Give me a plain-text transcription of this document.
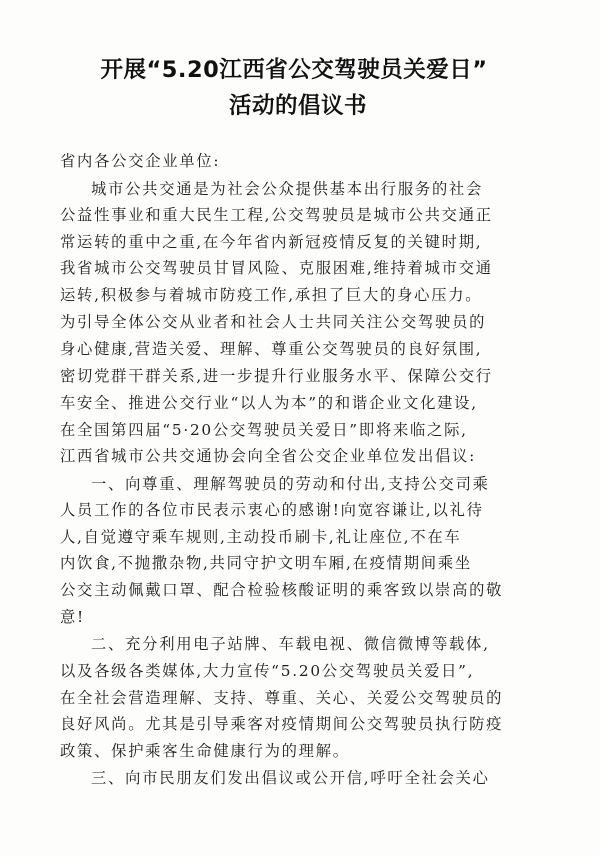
开展“5.20江西省公交驾驶员关爱日”
活动的倡议书
省内各公交企业单位:
城市公共交通是为社会公众提供基本出行服务的社会
公益性事业和重大民生工程,公交驾驶员是城市公共交通正
常运转的重中之重,在今年省内新冠疫情反复的关键时期,
我省城市公交驾驶员甘冒风险、克服困难,维持着城市交通
运转,积极参与着城市防疫工作,承担了巨大的身心压力。
为引导全体公交从业者和社会人士共同关注公交驾驶员的
身心健康,营造关爱、理解、尊重公交驾驶员的良好氛围,
密切党群干群关系,进一步提升行业服务水平、保障公交行
车安全、推进公交行业“以人为本”的和谐企业文化建设,
在全国第四届“5·20公交驾驶员关爱日”即将来临之际,
江西省城市公共交通协会向全省公交企业单位发出倡议:
一、向尊重、理解驾驶员的劳动和付出,支持公交司乘
人员工作的各位市民表示衷心的感谢!向宽容谦让,以礼待
人,自觉遵守乘车规则,主动投币刷卡,礼让座位,不在车
内饮食,不抛撒杂物,共同守护文明车厢,在疫情期间乘坐
公交主动佩戴口罩、配合检验核酸证明的乘客致以崇高的敬
意!
二、充分利用电子站牌、车载电视、微信微博等载体,
以及各级各类媒体,大力宣传“5.20公交驾驶员关爱日”,
在全社会营造理解、支持、尊重、关心、关爱公交驾驶员的
良好风尚。尤其是引导乘客对疫情期间公交驾驶员执行防疫
政策、保护乘客生命健康行为的理解。
三、向市民朋友们发出倡议或公开信,呼吁全社会关心
